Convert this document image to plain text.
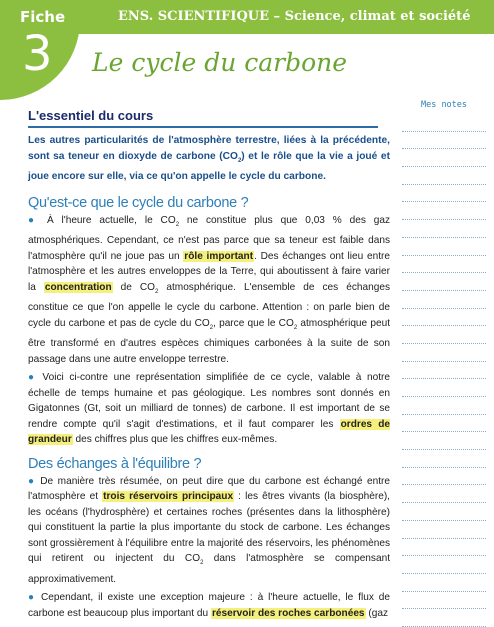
Fiche
3
ENS. SCIENTIFIQUE – Science, climat et société
Le cycle du carbone
L'essentiel du cours

Les autres particularités de l'atmosphère terrestre, liées à la précédente, sont sa teneur en dioxyde de carbone $(CO_2)$ et le rôle que la vie a joué et joue encore sur elle, via ce qu'on appelle le cycle du carbone.

Qu'est-ce que le cycle du carbone ?

● À l'heure actuelle, le $CO_2$ ne constitue plus que 0,03 % des gaz atmosphériques. Cependant, ce n'est pas parce que sa teneur est faible dans l'atmosphère qu'il ne joue pas un rôle important. Des échanges ont lieu entre l'atmosphère et les autres enveloppes de la Terre, qui aboutissent à faire varier la concentration de $CO_2$ atmosphérique. L'ensemble de ces échanges constitue ce que l'on appelle le cycle du carbone. Attention : on parle bien de cycle du carbone et pas de cycle du $CO_2$, parce que le $CO_2$ atmosphérique peut être transformé en d'autres espèces chimiques carbonées à la suite de son passage dans une autre enveloppe terrestre.

● Voici ci-contre une représentation simplifiée de ce cycle, valable à notre échelle de temps humaine et pas géologique. Les nombres sont donnés en Gigatonnes (Gt, soit un milliard de tonnes) de carbone. Il est important de se rendre compte qu'il s'agit d'estimations, et il faut comparer les ordres de grandeur des chiffres plus que les chiffres eux-mêmes.

Des échanges à l'équilibre ?

● De manière très résumée, on peut dire que du carbone est échangé entre l'atmosphère et trois réservoirs principaux : les êtres vivants (la biosphère), les océans (l'hydrosphère) et certaines roches (présentes dans la lithosphère) qui constituent la partie la plus importante du stock de carbone. Les échanges sont grossièrement à l'équilibre entre la majorité des réservoirs, les phénomènes qui retirent ou injectent du $CO_2$ dans l'atmosphère se compensant approximativement.

● Cependant, il existe une exception majeure : à l'heure actuelle, le flux de carbone est beaucoup plus important du réservoir des roches carbonées (gaz

Mes notes
